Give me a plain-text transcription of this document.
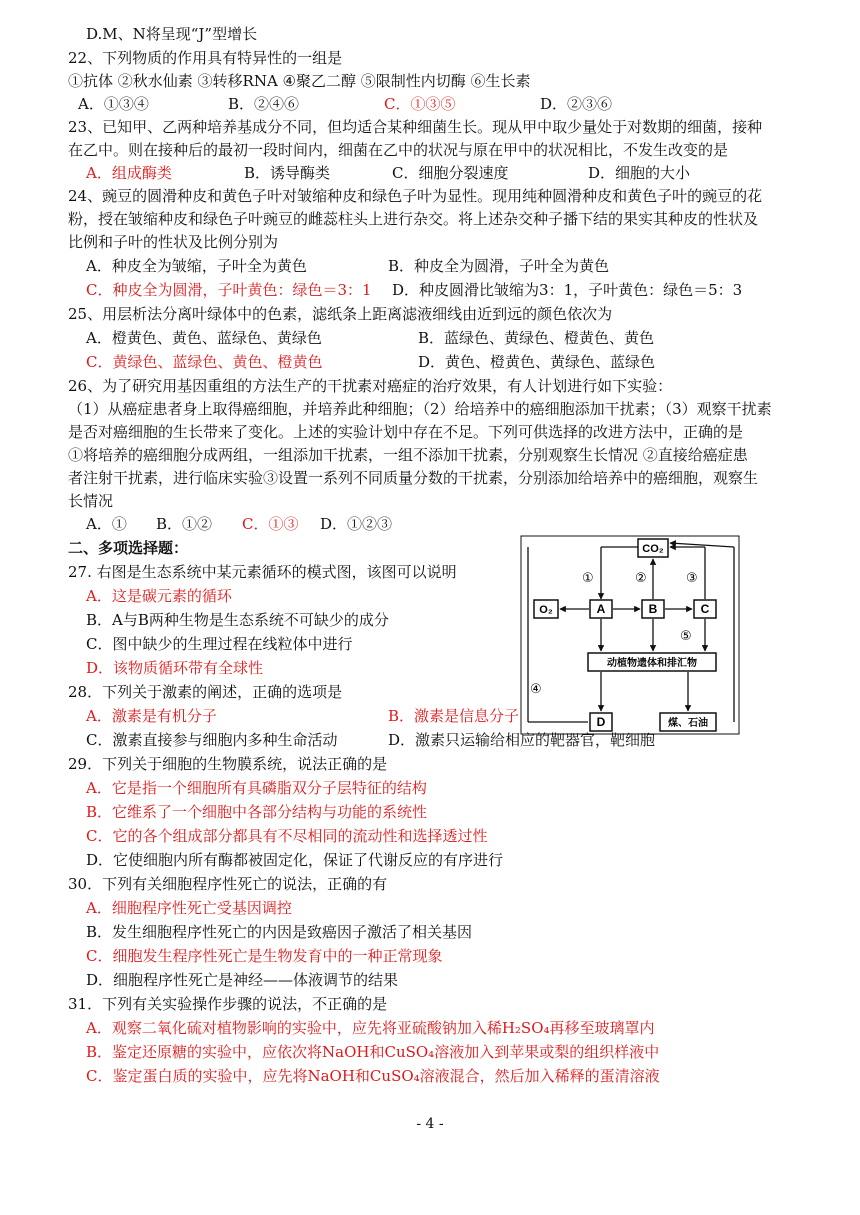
D.M、N将呈现“J”型增长
22、下列物质的作用具有特异性的一组是
①抗体 ②秋水仙素 ③转移RNA ④聚乙二醇 ⑤限制性内切酶 ⑥生长素
A．①③④	B．②④⑥	C．①③⑤	D．②③⑥
23、已知甲、乙两种培养基成分不同，但均适合某种细菌生长。现从甲中取少量处于对数期的细菌，接种
在乙中。则在接种后的最初一段时间内，细菌在乙中的状况与原在甲中的状况相比，不发生改变的是
A．组成酶类	B．诱导酶类	C．细胞分裂速度	D．细胞的大小
24、豌豆的圆滑种皮和黄色子叶对皱缩种皮和绿色子叶为显性。现用纯种圆滑种皮和黄色子叶的豌豆的花
粉，授在皱缩种皮和绿色子叶豌豆的雌蕊柱头上进行杂交。将上述杂交种子播下结的果实其种皮的性状及
比例和子叶的性状及比例分别为
A．种皮全为皱缩，子叶全为黄色	B．种皮全为圆滑，子叶全为黄色
C．种皮全为圆滑，子叶黄色：绿色＝3：1 D．种皮圆滑比皱缩为3：1，子叶黄色：绿色＝5：3
25、用层析法分离叶绿体中的色素，滤纸条上距离滤液细线由近到远的颜色依次为
A．橙黄色、黄色、蓝绿色、黄绿色	B．蓝绿色、黄绿色、橙黄色、黄色
C．黄绿色、蓝绿色、黄色、橙黄色	D．黄色、橙黄色、黄绿色、蓝绿色
26、为了研究用基因重组的方法生产的干扰素对癌症的治疗效果，有人计划进行如下实验：
（1）从癌症患者身上取得癌细胞，并培养此种细胞；（2）给培养中的癌细胞添加干扰素；（3）观察干扰素
是否对癌细胞的生长带来了变化。上述的实验计划中存在不足。下列可供选择的改进方法中，正确的是
①将培养的癌细胞分成两组，一组添加干扰素，一组不添加干扰素，分别观察生长情况 ②直接给癌症患
者注射干扰素，进行临床实验③设置一系列不同质量分数的干扰素，分别添加给培养中的癌细胞，观察生
长情况
A．① B．①② C．①③ D．①②③
二、多项选择题：
27. 右图是生态系统中某元素循环的模式图，该图可以说明
A．这是碳元素的循环
B．A与B两种生物是生态系统不可缺少的成分
C．图中缺少的生理过程在线粒体中进行
D．该物质循环带有全球性
CO₂
O₂	A	B	C
动植物遗体和排汇物
D	煤、石油
①	②	③
④
⑤
28．下列关于激素的阐述，正确的选项是
A．激素是有机分子	B．激素是信息分子
C．激素直接参与细胞内多种生命活动	D．激素只运输给相应的靶器官，靶细胞
29．下列关于细胞的生物膜系统，说法正确的是
A．它是指一个细胞所有具磷脂双分子层特征的结构
B．它维系了一个细胞中各部分结构与功能的系统性
C．它的各个组成部分都具有不尽相同的流动性和选择透过性
D．它使细胞内所有酶都被固定化，保证了代谢反应的有序进行
30．下列有关细胞程序性死亡的说法，正确的有
A．细胞程序性死亡受基因调控
B．发生细胞程序性死亡的内因是致癌因子激活了相关基因
C．细胞发生程序性死亡是生物发育中的一种正常现象
D．细胞程序性死亡是神经——体液调节的结果
31．下列有关实验操作步骤的说法，不正确的是
A．观察二氧化硫对植物影响的实验中，应先将亚硫酸钠加入稀H₂SO₄再移至玻璃罩内
B．鉴定还原糖的实验中，应依次将NaOH和CuSO₄溶液加入到苹果或梨的组织样液中
C．鉴定蛋白质的实验中，应先将NaOH和CuSO₄溶液混合，然后加入稀释的蛋清溶液
- 4 -
